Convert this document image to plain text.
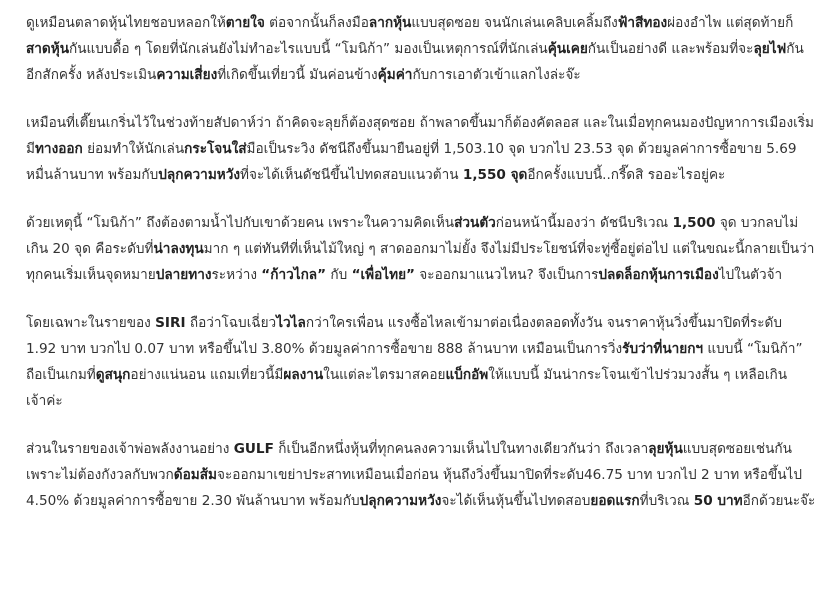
ดูเหมือนตลาดหุ้นไทยชอบหลอกให้ตายใจ ต่อจากนั้นก็ลงมือลากหุ้นแบบสุดซอย จนนักเล่นเคลิบเคลิ้มถึงฟ้าสีทองผ่องอำไพ แต่สุดท้ายก็สาดหุ้นกันแบบดื้อ ๆ โดยที่นักเล่นยังไม่ทำอะไรแบบนี้ “โมนิก้า” มองเป็นเหตุการณ์ที่นักเล่นคุ้นเคยกันเป็นอย่างดี และพร้อมที่จะลุยไฟกันอีกสักครั้ง หลังประเมินความเสี่ยงที่เกิดขึ้นเที่ยวนี้ มันค่อนข้างคุ้มค่ากับการเอาตัวเข้าแลกไงล่ะจ๊ะ

เหมือนที่เตี๊ยนเกริ่นไว้ในช่วงท้ายสัปดาห์ว่า ถ้าคิดจะลุยก็ต้องสุดซอย ถ้าพลาดขึ้นมาก็ต้องคัตลอส และในเมื่อทุกคนมองปัญหาการเมืองเริ่มมีทางออก ย่อมทำให้นักเล่นกระโจนใส่มือเป็นระวิง ดัชนีถึงขึ้นมายืนอยู่ที่ 1,503.10 จุด บวกไป 23.53 จุด ด้วยมูลค่าการซื้อขาย 5.69 หมื่นล้านบาท พร้อมกับปลุกความหวังที่จะได้เห็นดัชนีขึ้นไปทดสอบแนวต้าน 1,550 จุดอีกครั้งแบบนี้..กรี๊ดสิ รออะไรอยู่คะ

ด้วยเหตุนี้ “โมนิก้า” ถึงต้องตามน้ำไปกับเขาด้วยคน เพราะในความคิดเห็นส่วนตัวก่อนหน้านี้มองว่า ดัชนีบริเวณ 1,500 จุด บวกลบไม่เกิน 20 จุด คือระดับที่น่าลงทุนมาก ๆ แต่ทันทีที่เห็นไม้ใหญ่ ๆ สาดออกมาไม่ยั้ง จึงไม่มีประโยชน์ที่จะทู่ซี้อยู่ต่อไป แต่ในขณะนี้กลายเป็นว่า ทุกคนเริ่มเห็นจุดหมายปลายทางระหว่าง “ก้าวไกล” กับ “เพื่อไทย” จะออกมาแนวไหน? จึงเป็นการปลดล็อกหุ้นการเมืองไปในตัวจ้า

โดยเฉพาะในรายของ SIRI ถือว่าโฉบเฉี่ยวไวไลกว่าใครเพื่อน แรงซื้อไหลเข้ามาต่อเนื่องตลอดทั้งวัน จนราคาหุ้นวิ่งขึ้นมาปิดที่ระดับ 1.92 บาท บวกไป 0.07 บาท หรือขึ้นไป 3.80% ด้วยมูลค่าการซื้อขาย 888 ล้านบาท เหมือนเป็นการวิ่งรับว่าที่นายกฯ แบบนี้ “โมนิก้า” ถือเป็นเกมที่ดูสนุกอย่างแน่นอน แถมเที่ยวนี้มีผลงานในแต่ละไตรมาสคอยแบ็กอัพให้แบบนี้ มันน่ากระโจนเข้าไปร่วมวงสั้น ๆ เหลือเกินเจ้าค่ะ

ส่วนในรายของเจ้าพ่อพลังงานอย่าง GULF ก็เป็นอีกหนึ่งหุ้นที่ทุกคนลงความเห็นไปในทางเดียวกันว่า ถึงเวลาลุยหุ้นแบบสุดซอยเช่นกัน เพราะไม่ต้องกังวลกับพวกด้อมส้มจะออกมาเขย่าประสาทเหมือนเมื่อก่อน หุ้นถึงวิ่งขึ้นมาปิดที่ระดับ46.75 บาท บวกไป 2 บาท หรือขึ้นไป 4.50% ด้วยมูลค่าการซื้อขาย 2.30 พันล้านบาท พร้อมกับปลุกความหวังจะได้เห็นหุ้นขึ้นไปทดสอบยอดแรกที่บริเวณ 50 บาทอีกด้วยนะจ๊ะ
